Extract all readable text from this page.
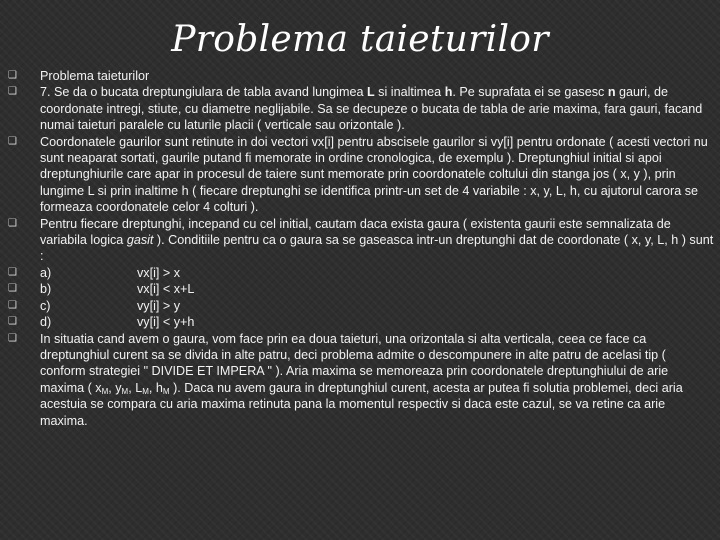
Problema taieturilor
❑	Problema taieturilor
❑	7. Se da o bucata dreptungiulara de tabla avand lungimea L si inaltimea h. Pe suprafata ei se gasesc n gauri, de coordonate intregi, stiute, cu diametre neglijabile. Sa se decupeze o bucata de tabla de arie maxima, fara gauri, facand numai taieturi paralele cu laturile placii ( verticale sau orizontale ).
❑	Coordonatele gaurilor sunt retinute in doi vectori vx[i] pentru abscisele gaurilor si vy[i] pentru ordonate ( acesti vectori nu sunt neaparat sortati, gaurile putand fi memorate in ordine cronologica, de exemplu ). Dreptunghiul initial si apoi dreptunghiurile care apar in procesul de taiere sunt memorate prin coordonatele coltului din stanga jos ( x, y ), prin lungime L si prin inaltime h ( fiecare dreptunghi se identifica printr-un set de 4 variabile : x, y, L, h, cu ajutorul carora se formeaza coordonatele celor 4 colturi ).
❑	Pentru fiecare dreptunghi, incepand cu cel initial, cautam daca exista gaura ( existenta gaurii este semnalizata de variabila logica gasit ). Conditiile pentru ca o gaura sa se gaseasca intr-un dreptunghi dat de coordonate ( x, y, L, h ) sunt :
❑	a)	vx[i] > x
❑	b)	vx[i] < x+L
❑	c)	vy[i] > y
❑	d)	vy[i] < y+h
❑	In situatia cand avem o gaura, vom face prin ea doua taieturi, una orizontala si alta verticala, ceea ce face ca dreptunghiul curent sa se divida in alte patru, deci problema admite o descompunere in alte patru de acelasi tip ( conform strategiei " DIVIDE ET IMPERA " ). Aria maxima se memoreaza prin coordonatele dreptunghiului de arie maxima ( $x_M$, $y_M$, $L_M$, $h_M$ ). Daca nu avem gaura in dreptunghiul curent, acesta ar putea fi solutia problemei, deci aria acestuia se compara cu aria maxima retinuta pana la momentul respectiv si daca este cazul, se va retine ca arie maxima.
